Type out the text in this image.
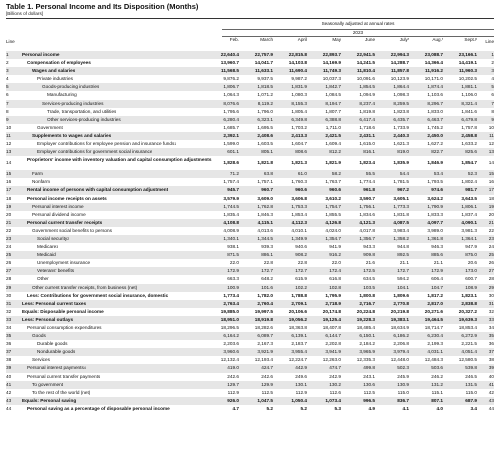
Table 1. Personal Income and Its Disposition (Months)
[Billions of dollars]
Seasonally adjusted at annual rates
2023
Line	Line
Feb.	March	April	May	June	July$^r$	Aug.$^r$	Sept.$^p$
1	Personal income	22,640.4	22,757.9	22,815.8	22,893.7	22,941.5	22,994.3	23,088.7	23,166.1	1
2	Compensation of employees	13,960.7	14,041.7	14,103.8	14,169.9	14,241.5	14,288.7	14,366.4	14,419.1	2
3	Wages and salaries	11,568.5	11,633.1	11,690.4	11,749.3	11,810.4	11,857.8	11,916.2	11,960.3	3
4	Private industries	9,876.2	9,937.5	9,987.2	10,037.3	10,091.6	10,123.9	10,171.0	10,202.5	4
5	Goods-producing industries	1,806.7	1,818.5	1,831.9	1,842.7	1,854.5	1,864.4	1,874.4	1,881.1	5
6	Manufacturing	1,064.3	1,071.2	1,080.3	1,084.5	1,094.9	1,098.3	1,103.6	1,106.0	6
7	Services-producing industries	8,076.6	8,119.2	8,155.3	8,194.7	8,237.4	8,259.5	8,296.7	8,321.4	7
8	Trade, transportation, and utilities	1,795.6	1,796.0	1,805.4	1,807.7	1,819.8	1,823.8	1,833.0	1,841.6	8
9	Other services-producing industries	6,280.4	6,323.1	6,349.8	6,388.8	6,417.4	6,435.7	6,463.7	6,479.8	9
10	Government	1,685.7	1,695.5	1,703.2	1,711.0	1,718.6	1,733.9	1,745.2	1,757.8	10
11	Supplements to wages and salaries	2,392.1	2,408.6	2,413.3	2,421.5	2,431.1	2,440.3	2,450.0	2,458.8	11
12	Employer contributions for employee pension and insurance funds$^1$	1,599.0	1,603.5	1,604.7	1,609.4	1,615.0	1,621.3	1,627.2	1,633.2	12
13	Employer contributions for government social insurance	601.1	805.1	808.6	812.2	816.1	819.0	822.7	825.6	13
14
Proprietors' income with inventory valuation and capital consumption adjustments
1,828.6	1,821.8	1,821.3	1,821.9	1,823.4	1,835.9	1,846.9	1,854.7	14
15	Farm	71.2	63.8	61.0	58.2	55.5	54.4	53.4	52.3	15
16	Nonfarm	1,757.4	1,757.1	1,760.3	1,763.7	1,774.4	1,781.5	1,793.5	1,802.4	16
17	Rental income of persons with capital consumption adjustment	945.7	960.7	960.6	960.6	961.8	967.2	974.6	981.7	17
18	Personal income receipts on assets	3,579.9	3,609.0	3,606.8	3,610.2	3,590.7	3,605.1	3,624.2	3,643.5	18
19	Personal interest income	1,744.5	1,762.8	1,753.3	1,754.7	1,756.1	1,773.3	1,790.9	1,806.1	19
20	Personal dividend income	1,835.4	1,846.3	1,853.4	1,855.5	1,834.6	1,831.8	1,833.3	1,837.4	20
21	Personal current transfer receipts	4,108.8	4,115.1	4,112.3	4,126.8	4,121.3	4,087.5	4,097.7	4,090.1	21
22	Government social benefits to persons	4,008.9	4,013.6	4,010.1	4,024.0	4,017.8	3,983.4	3,989.0	3,981.3	22
23	Social security$^2$	1,340.1	1,344.5	1,349.9	1,354.7	1,356.7	1,358.2	1,361.8	1,364.1	23
24	Medicare$^3$	938.1	939.3	940.6	941.9	943.3	944.8	946.3	947.9	24
25	Medicaid	871.5	886.1	908.2	916.2	909.8	892.5	885.6	875.0	25
26	Unemployment insurance	22.0	22.8	22.8	22.0	21.6	21.1	21.1	20.6	26
27	Veterans' benefits	172.9	172.7	172.7	172.4	172.5	172.7	172.9	173.0	27
28	Other	663.3	648.2	615.9	616.8	634.5	594.2	606.4	600.7	28
29	Other current transfer receipts, from business (net)	100.9	101.6	102.2	102.8	103.5	104.1	104.7	108.9	29
30	Less: Contributions for government social insurance, domestic	1,773.4	1,782.0	1,788.8	1,795.9	1,800.8	1,809.6	1,817.2	1,823.1	30
31	Less: Personal current taxes	2,763.4	2,760.4	2,709.1	2,718.9	2,716.7	2,770.8	2,817.0	2,838.8	31
32	Equals: Disposable personal income	19,885.0	19,997.5	20,106.6	20,174.8	20,224.8	20,219.8	20,271.6	20,327.2	32
33	Less: Personal outlays	18,951.0	18,919.8	19,056.2	19,125.4	19,228.3	19,383.1	19,464.5	19,639.3	33
34	Personal consumption expenditures	18,296.5	18,282.6	18,363.8	18,407.8	18,485.4	18,634.9	18,714.7	18,853.4	34
35	Goods	6,164.2	6,089.7	6,139.1	6,144.7	6,150.1	6,186.2	6,230.4	6,272.9	35
36	Durable goods	2,203.6	2,167.3	2,183.7	2,202.8	2,184.2	2,206.8	2,199.3	2,221.5	36
37	Nondurable goods	3,960.6	3,921.9	3,955.4	3,941.9	3,965.9	3,979.4	4,031.1	4,051.4	37
38	Services	12,132.4	12,193.4	12,224.7	12,263.0	12,335.3	12,448.0	12,484.3	12,580.5	38
39	Personal interest payments$^4$	419.0	424.7	442.9	474.7	499.8	502.3	503.6	539.8	39
40	Personal current transfer payments	242.6	242.6	249.6	242.9	243.1	245.9	246.2	246.5	40
41	To government	129.7	129.9	130.1	130.2	130.6	130.9	131.2	131.5	41
42	To the rest of the world (net)	112.9	112.5	112.9	112.6	112.5	115.0	115.1	115.0	42
43	Equals: Personal saving	926.0	1,047.5	1,050.4	1,073.4	996.5	836.7	807.1	687.9	43
44	Personal saving as a percentage of disposable personal income	4.7	5.2	5.2	5.3	4.9	4.1	4.0	3.4	44
